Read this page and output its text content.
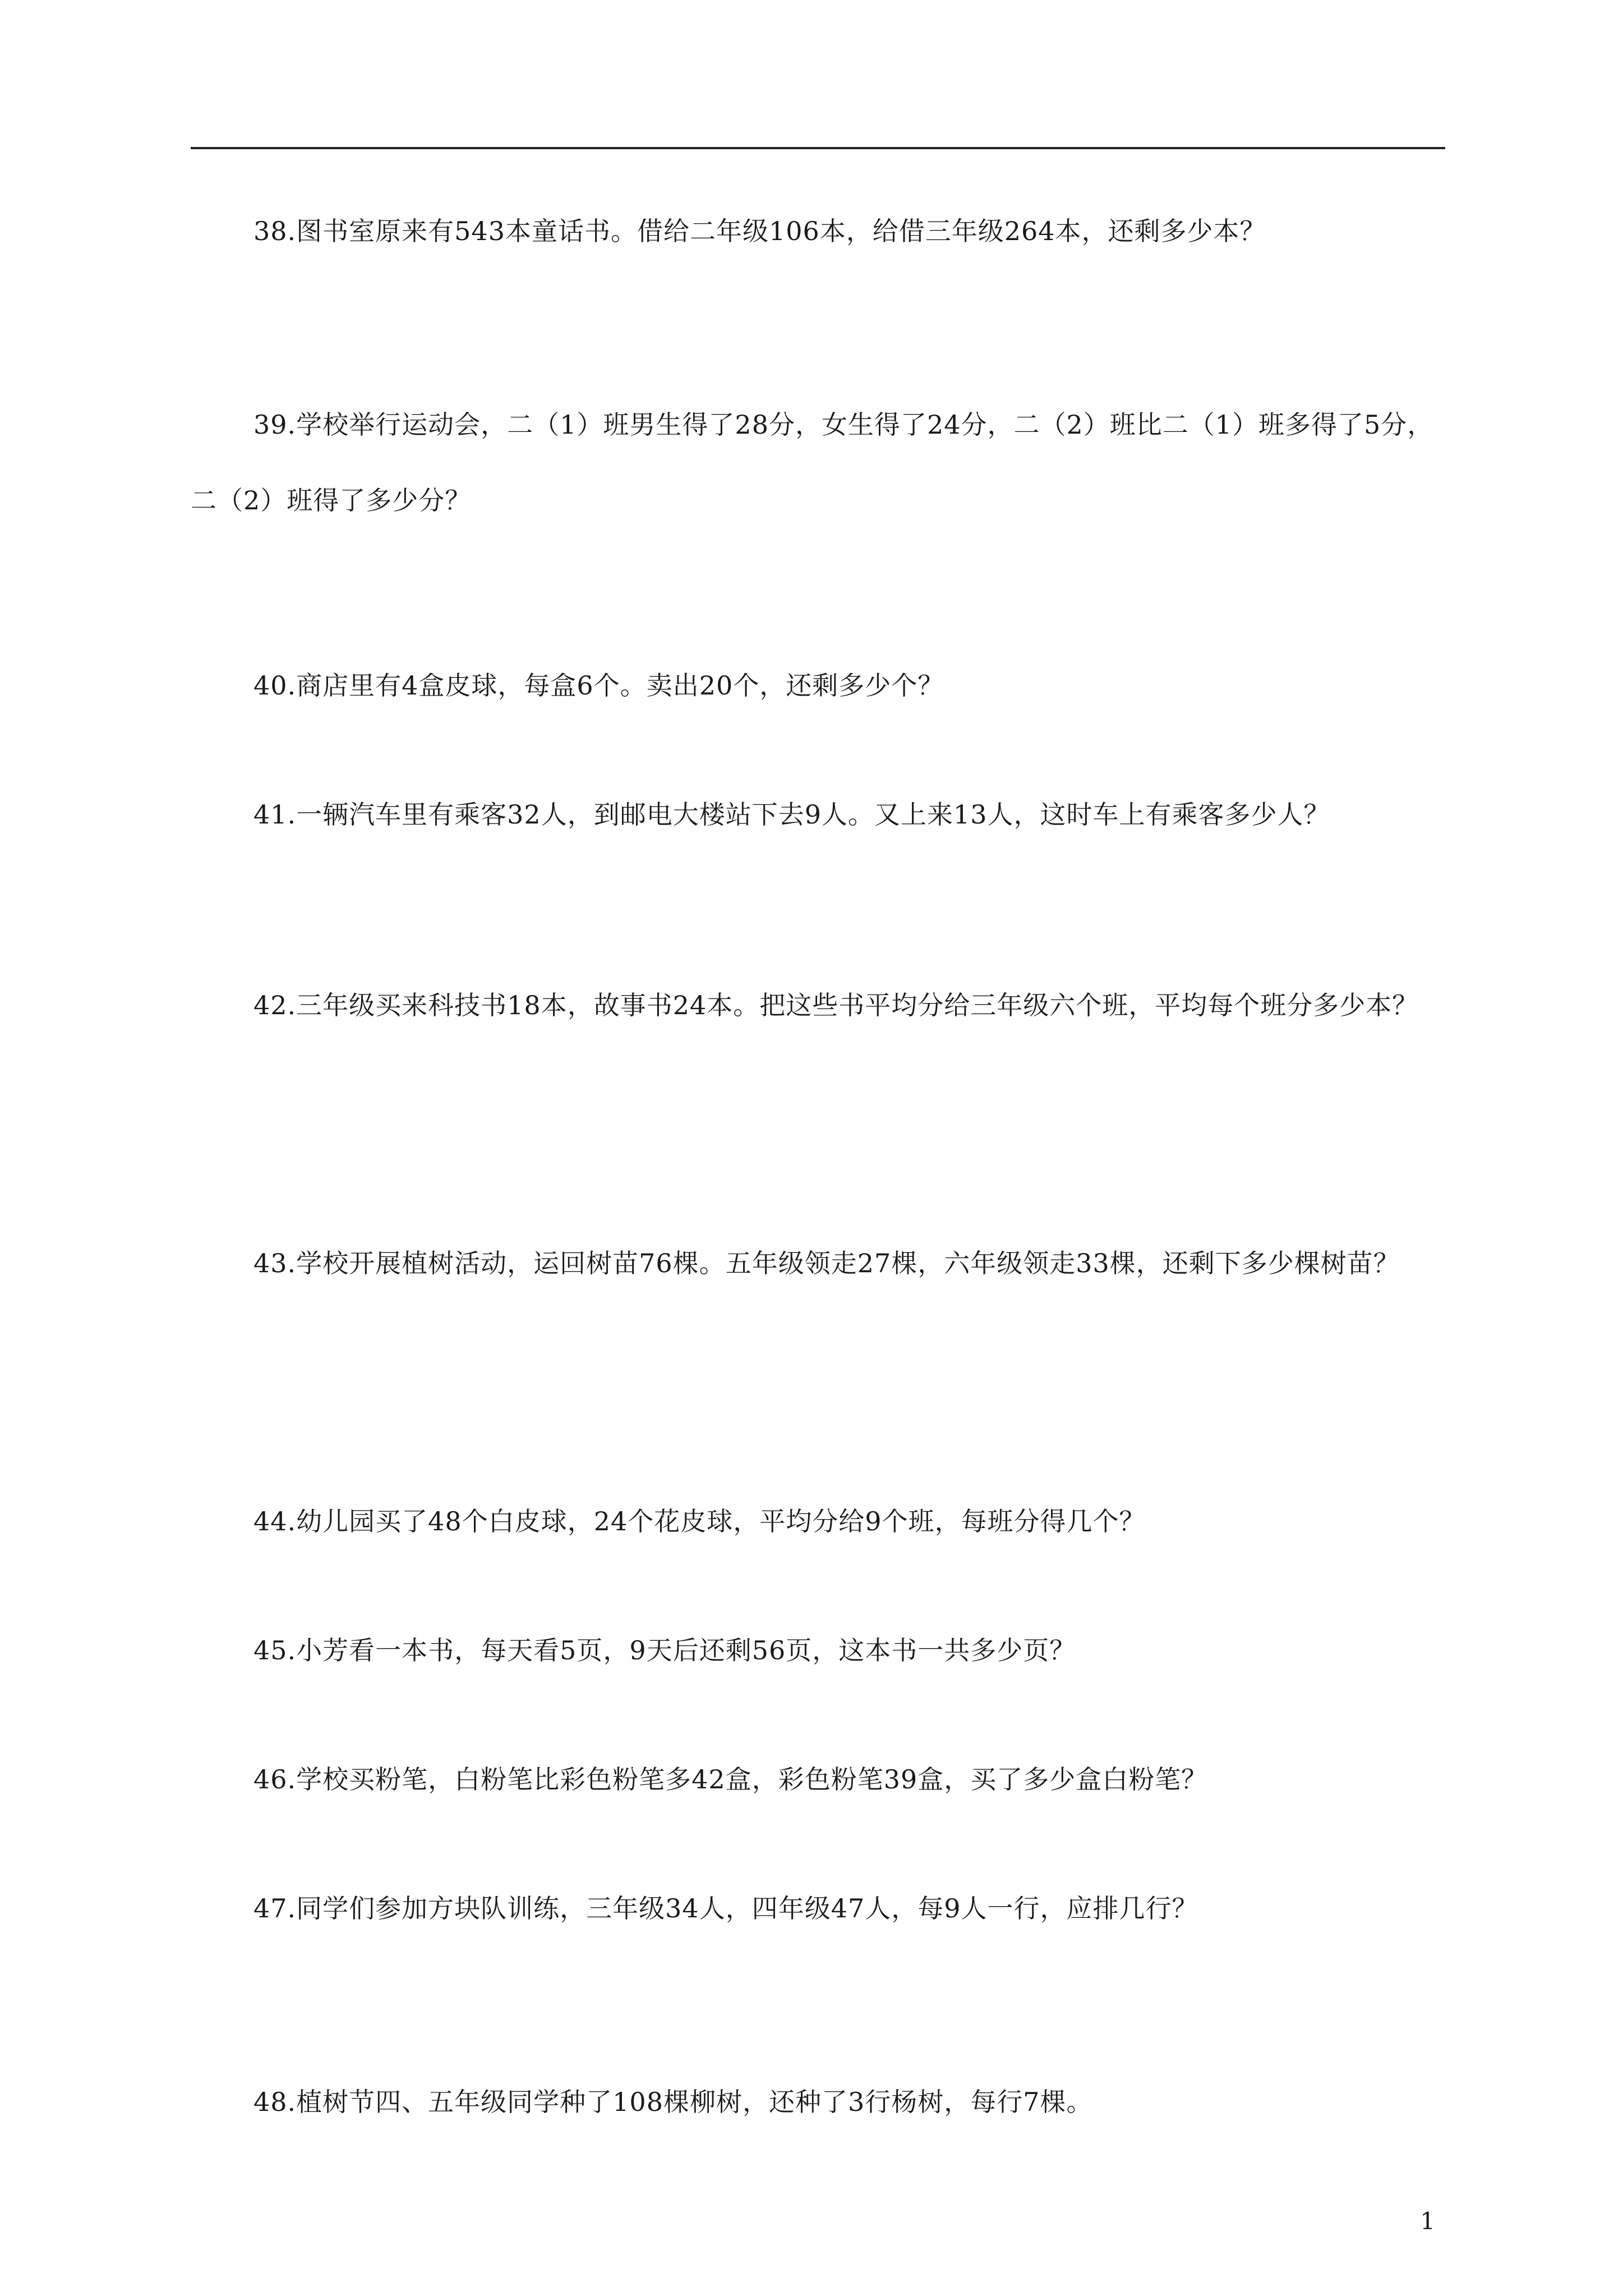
38.图书室原来有543本童话书。借给二年级106本，给借三年级264本，还剩多少本？

39.学校举行运动会，二（1）班男生得了28分，女生得了24分，二（2）班比二（1）班多得了5分，二（2）班得了多少分？

40.商店里有4盒皮球，每盒6个。卖出20个，还剩多少个？

41.一辆汽车里有乘客32人，到邮电大楼站下去9人。又上来13人，这时车上有乘客多少人？

42.三年级买来科技书18本，故事书24本。把这些书平均分给三年级六个班，平均每个班分多少本？

43.学校开展植树活动，运回树苗76棵。五年级领走27棵，六年级领走33棵，还剩下多少棵树苗？

44.幼儿园买了48个白皮球，24个花皮球，平均分给9个班，每班分得几个？

45.小芳看一本书，每天看5页，9天后还剩56页，这本书一共多少页？

46.学校买粉笔，白粉笔比彩色粉笔多42盒，彩色粉笔39盒，买了多少盒白粉笔？

47.同学们参加方块队训练，三年级34人，四年级47人，每9人一行，应排几行？

48.植树节四、五年级同学种了108棵柳树，还种了3行杨树，每行7棵。

1
